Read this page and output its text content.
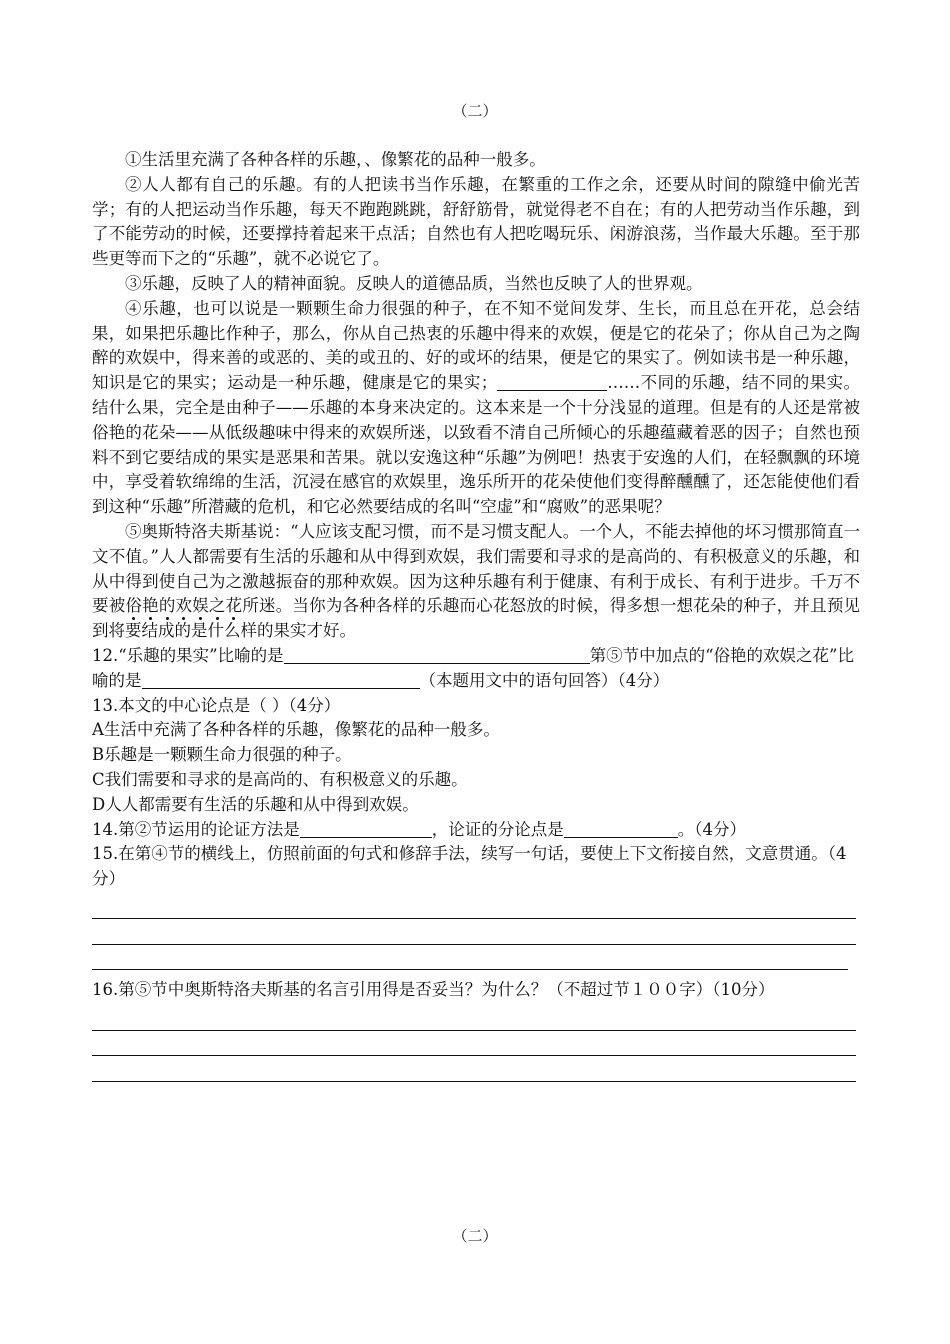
（二）

①生活里充满了各种各样的乐趣，、像繁花的品种一般多。

②人人都有自己的乐趣。有的人把读书当作乐趣，在繁重的工作之余，还要从时间的隙缝中偷光苦学；有的人把运动当作乐趣，每天不跑跑跳跳，舒舒筋骨，就觉得老不自在；有的人把劳动当作乐趣，到了不能劳动的时候，还要撑持着起来干点活；自然也有人把吃喝玩乐、闲游浪荡，当作最大乐趣。至于那些更等而下之的“乐趣”，就不必说它了。

③乐趣，反映了人的精神面貌。反映人的道德品质，当然也反映了人的世界观。

④乐趣，也可以说是一颗颗生命力很强的种子，在不知不觉间发芽、生长，而且总在开花，总会结果，如果把乐趣比作种子，那么，你从自己热衷的乐趣中得来的欢娱，便是它的花朵了；你从自己为之陶醉的欢娱中，得来善的或恶的、美的或丑的、好的或坏的结果，便是它的果实了。例如读书是一种乐趣，知识是它的果实；运动是一种乐趣，健康是它的果实；	……不同的乐趣，结不同的果实。结什么果，完全是由种子——乐趣的本身来决定的。这本来是一个十分浅显的道理。但是有的人还是常被俗艳的花朵——从低级趣味中得来的欢娱所迷，以致看不清自己所倾心的乐趣蕴藏着恶的因子；自然也预料不到它要结成的果实是恶果和苦果。就以安逸这种“乐趣”为例吧！热衷于安逸的人们，在轻飘飘的环境中，享受着软绵绵的生活，沉浸在感官的欢娱里，逸乐所开的花朵使他们变得醉醺醺了，还怎能使他们看到这种“乐趣”所潜藏的危机，和它必然要结成的名叫“空虚”和“腐败”的恶果呢？

⑤奥斯特洛夫斯基说：“人应该支配习惯，而不是习惯支配人。一个人，不能去掉他的坏习惯那简直一文不值。”人人都需要有生活的乐趣和从中得到欢娱，我们需要和寻求的是高尚的、有积极意义的乐趣，和从中得到使自己为之激越振奋的那种欢娱。因为这种乐趣有利于健康、有利于成长、有利于进步。千万不要被俗艳的欢娱之花所迷。当你为各种各样的乐趣而心花怒放的时候，得多想一想花朵的种子，并且预见到将要结成的是什么样的果实才好。

12.“乐趣的果实”比喻的是	第⑤节中加点的“俗艳的欢娱之花”比喻的是	（本题用文中的语句回答）（4分）

13.本文的中心论点是（ ）（4分）

A生活中充满了各种各样的乐趣，像繁花的品种一般多。

B乐趣是一颗颗生命力很强的种子。

C我们需要和寻求的是高尚的、有积极意义的乐趣。

D人人都需要有生活的乐趣和从中得到欢娱。

14.第②节运用的论证方法是	，论证的分论点是	。（4分）

15.在第④节的横线上，仿照前面的句式和修辞手法，续写一句话，要使上下文衔接自然，文意贯通。（4分）

16.第⑤节中奥斯特洛夫斯基的名言引用得是否妥当？为什么？（不超过节１００字）（10分）

（二）
